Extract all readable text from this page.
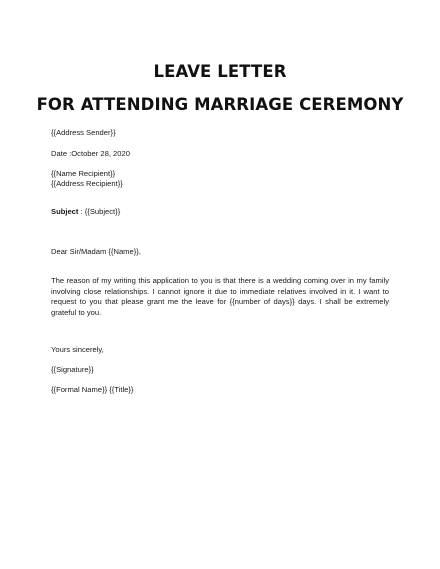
LEAVE LETTER
FOR ATTENDING MARRIAGE CEREMONY
{{Address Sender}}
Date :October 28, 2020
{{Name Recipient}}
{{Address Recipient}}
Subject : {{Subject}}
Dear Sir/Madam {{Name}},
The reason of my writing this application to you is that there is a wedding coming over in my family involving close relationships. I cannot ignore it due to immediate relatives involved in it. I want to request to you that please grant me the leave for {{number of days}} days. I shall be extremely grateful to you.
Yours sincerely,
{{Signature}}
{{Formal Name}} {{Title}}
